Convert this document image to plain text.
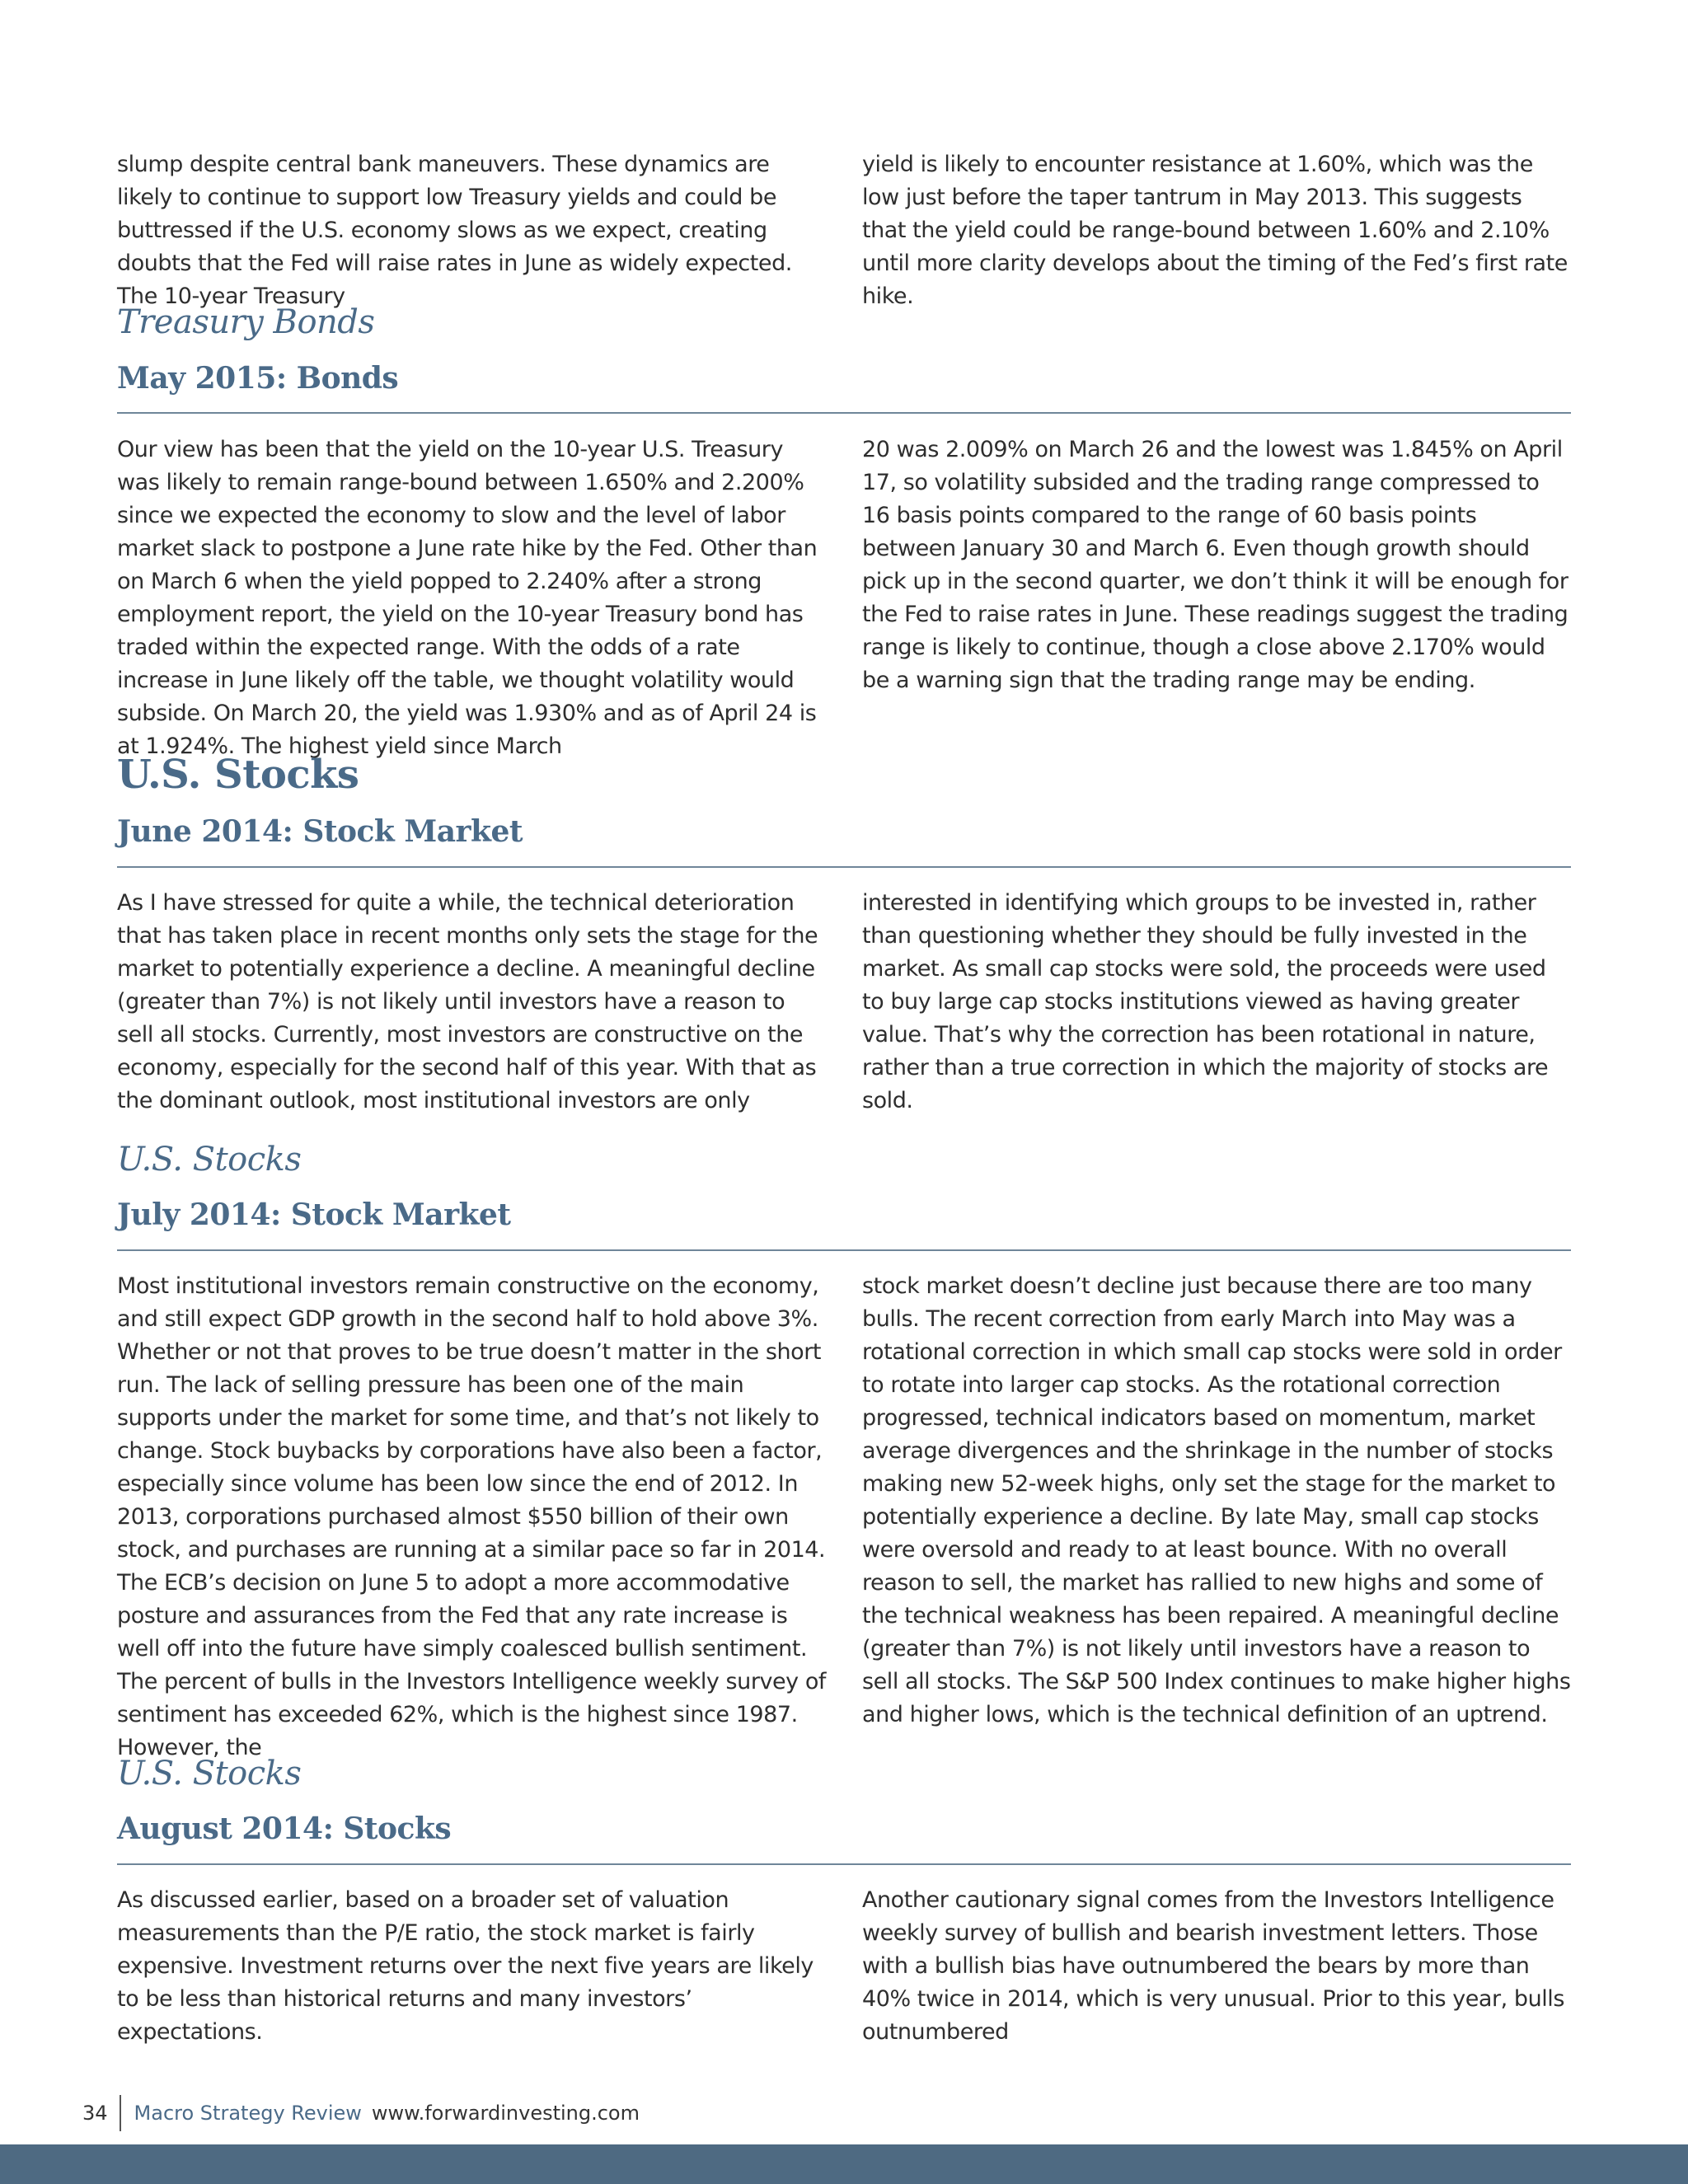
slump despite central bank maneuvers. These dynamics are likely to continue to support low Treasury yields and could be buttressed if the U.S. economy slows as we expect, creating doubts that the Fed will raise rates in June as widely expected. The 10-year Treasury

yield is likely to encounter resistance at 1.60%, which was the low just before the taper tantrum in May 2013. This suggests that the yield could be range-bound between 1.60% and 2.10% until more clarity develops about the timing of the Fed’s first rate hike.

Treasury Bonds
May 2015: Bonds

Our view has been that the yield on the 10-year U.S. Treasury was likely to remain range-bound between 1.650% and 2.200% since we expected the economy to slow and the level of labor market slack to postpone a June rate hike by the Fed. Other than on March 6 when the yield popped to 2.240% after a strong employment report, the yield on the 10-year Treasury bond has traded within the expected range. With the odds of a rate increase in June likely off the table, we thought volatility would subside. On March 20, the yield was 1.930% and as of April 24 is at 1.924%. The highest yield since March

20 was 2.009% on March 26 and the lowest was 1.845% on April 17, so volatility subsided and the trading range compressed to 16 basis points compared to the range of 60 basis points between January 30 and March 6. Even though growth should pick up in the second quarter, we don’t think it will be enough for the Fed to raise rates in June. These readings suggest the trading range is likely to continue, though a close above 2.170% would be a warning sign that the trading range may be ending.

U.S. Stocks
June 2014: Stock Market

As I have stressed for quite a while, the technical deterioration that has taken place in recent months only sets the stage for the market to potentially experience a decline. A meaningful decline (greater than 7%) is not likely until investors have a reason to sell all stocks. Currently, most investors are constructive on the economy, especially for the second half of this year. With that as the dominant outlook, most institutional investors are only

interested in identifying which groups to be invested in, rather than questioning whether they should be fully invested in the market. As small cap stocks were sold, the proceeds were used to buy large cap stocks institutions viewed as having greater value. That’s why the correction has been rotational in nature, rather than a true correction in which the majority of stocks are sold.

U.S. Stocks
July 2014: Stock Market

Most institutional investors remain constructive on the economy, and still expect GDP growth in the second half to hold above 3%. Whether or not that proves to be true doesn’t matter in the short run. The lack of selling pressure has been one of the main supports under the market for some time, and that’s not likely to change. Stock buybacks by corporations have also been a factor, especially since volume has been low since the end of 2012. In 2013, corporations purchased almost $550 billion of their own stock, and purchases are running at a similar pace so far in 2014. The ECB’s decision on June 5 to adopt a more accommodative posture and assurances from the Fed that any rate increase is well off into the future have simply coalesced bullish sentiment. The percent of bulls in the Investors Intelligence weekly survey of sentiment has exceeded 62%, which is the highest since 1987. However, the

stock market doesn’t decline just because there are too many bulls. The recent correction from early March into May was a rotational correction in which small cap stocks were sold in order to rotate into larger cap stocks. As the rotational correction progressed, technical indicators based on momentum, market average divergences and the shrinkage in the number of stocks making new 52-week highs, only set the stage for the market to potentially experience a decline. By late May, small cap stocks were oversold and ready to at least bounce. With no overall reason to sell, the market has rallied to new highs and some of the technical weakness has been repaired. A meaningful decline (greater than 7%) is not likely until investors have a reason to sell all stocks. The S&P 500 Index continues to make higher highs and higher lows, which is the technical definition of an uptrend.

U.S. Stocks
August 2014: Stocks

As discussed earlier, based on a broader set of valuation measurements than the P/E ratio, the stock market is fairly expensive. Investment returns over the next five years are likely to be less than historical returns and many investors’ expectations.

Another cautionary signal comes from the Investors Intelligence weekly survey of bullish and bearish investment letters. Those with a bullish bias have outnumbered the bears by more than 40% twice in 2014, which is very unusual. Prior to this year, bulls outnumbered

34 Macro Strategy Review www.forwardinvesting.com
